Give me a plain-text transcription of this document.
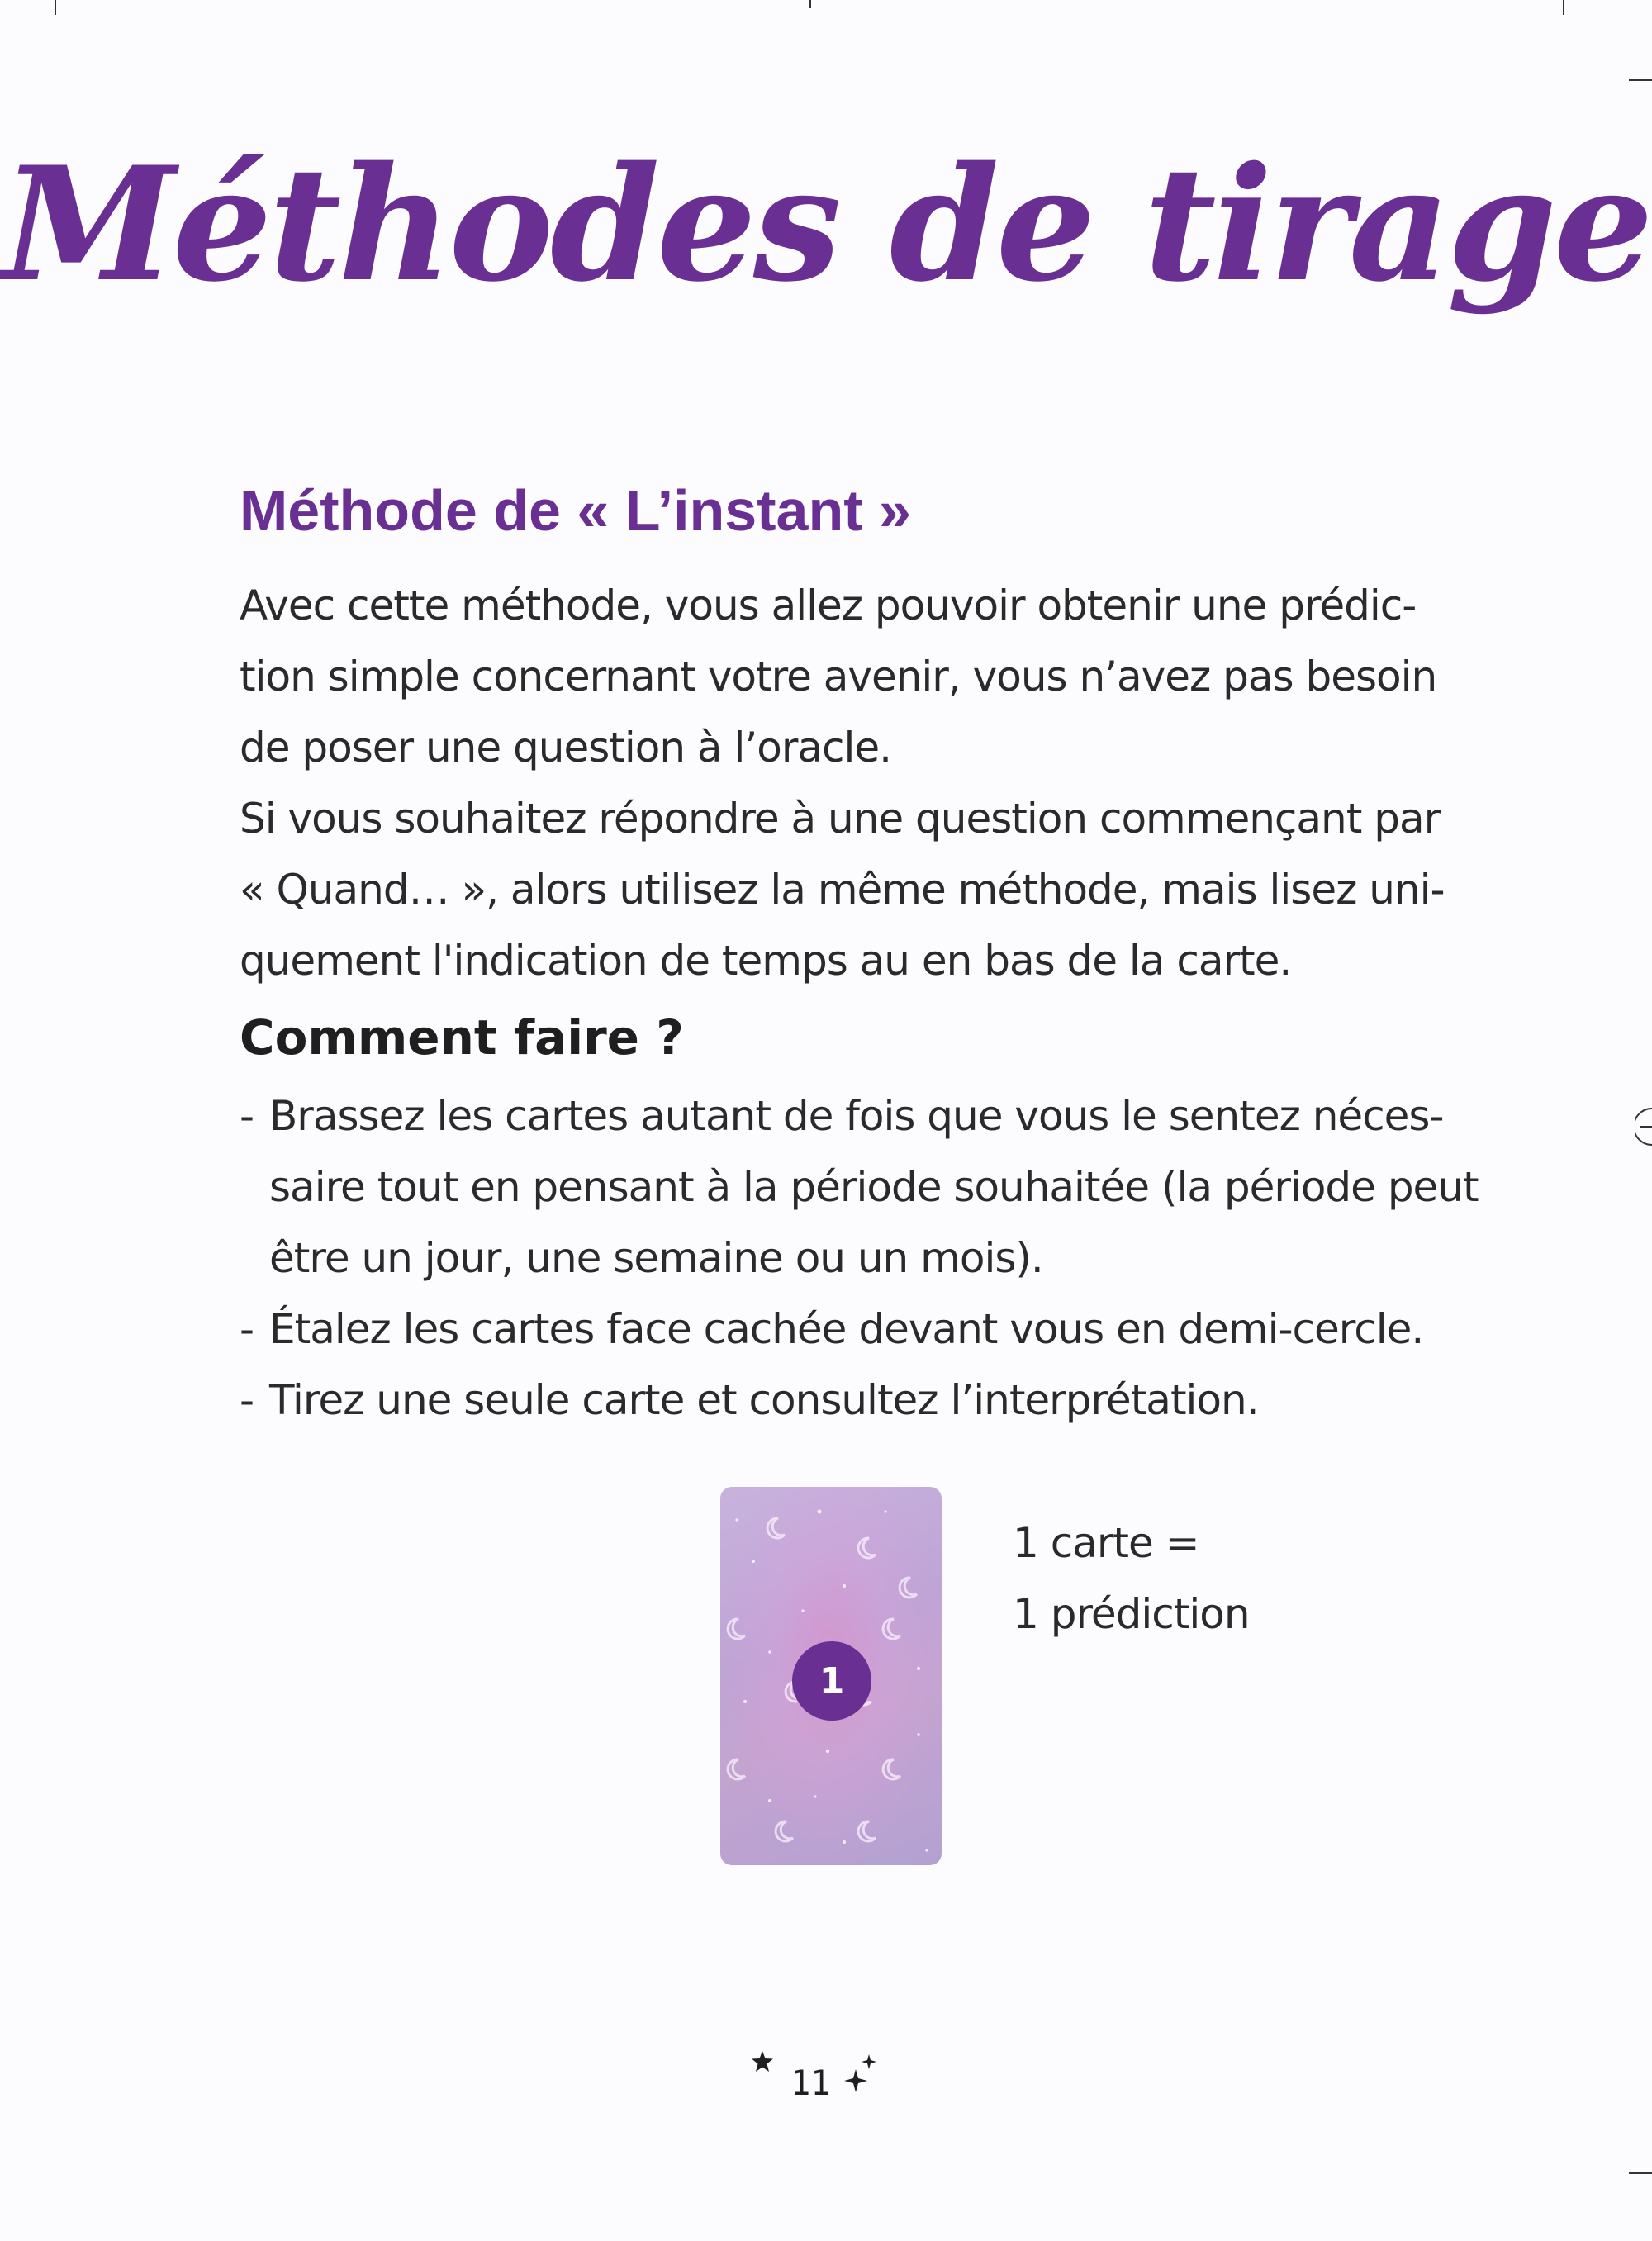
Méthodes de tirage
Méthode de « L’instant »
Avec cette méthode, vous allez pouvoir obtenir une prédic-
tion simple concernant votre avenir, vous n’avez pas besoin
de poser une question à l’oracle.
Si vous souhaitez répondre à une question commençant par
« Quand… », alors utilisez la même méthode, mais lisez uni-
quement l'indication de temps au en bas de la carte.
Comment faire ?
- Brassez les cartes autant de fois que vous le sentez néces-
saire tout en pensant à la période souhaitée (la période peut
être un jour, une semaine ou un mois).
- Étalez les cartes face cachée devant vous en demi-cercle.
- Tirez une seule carte et consultez l’interprétation.
1
1 carte =
1 prédiction
11
